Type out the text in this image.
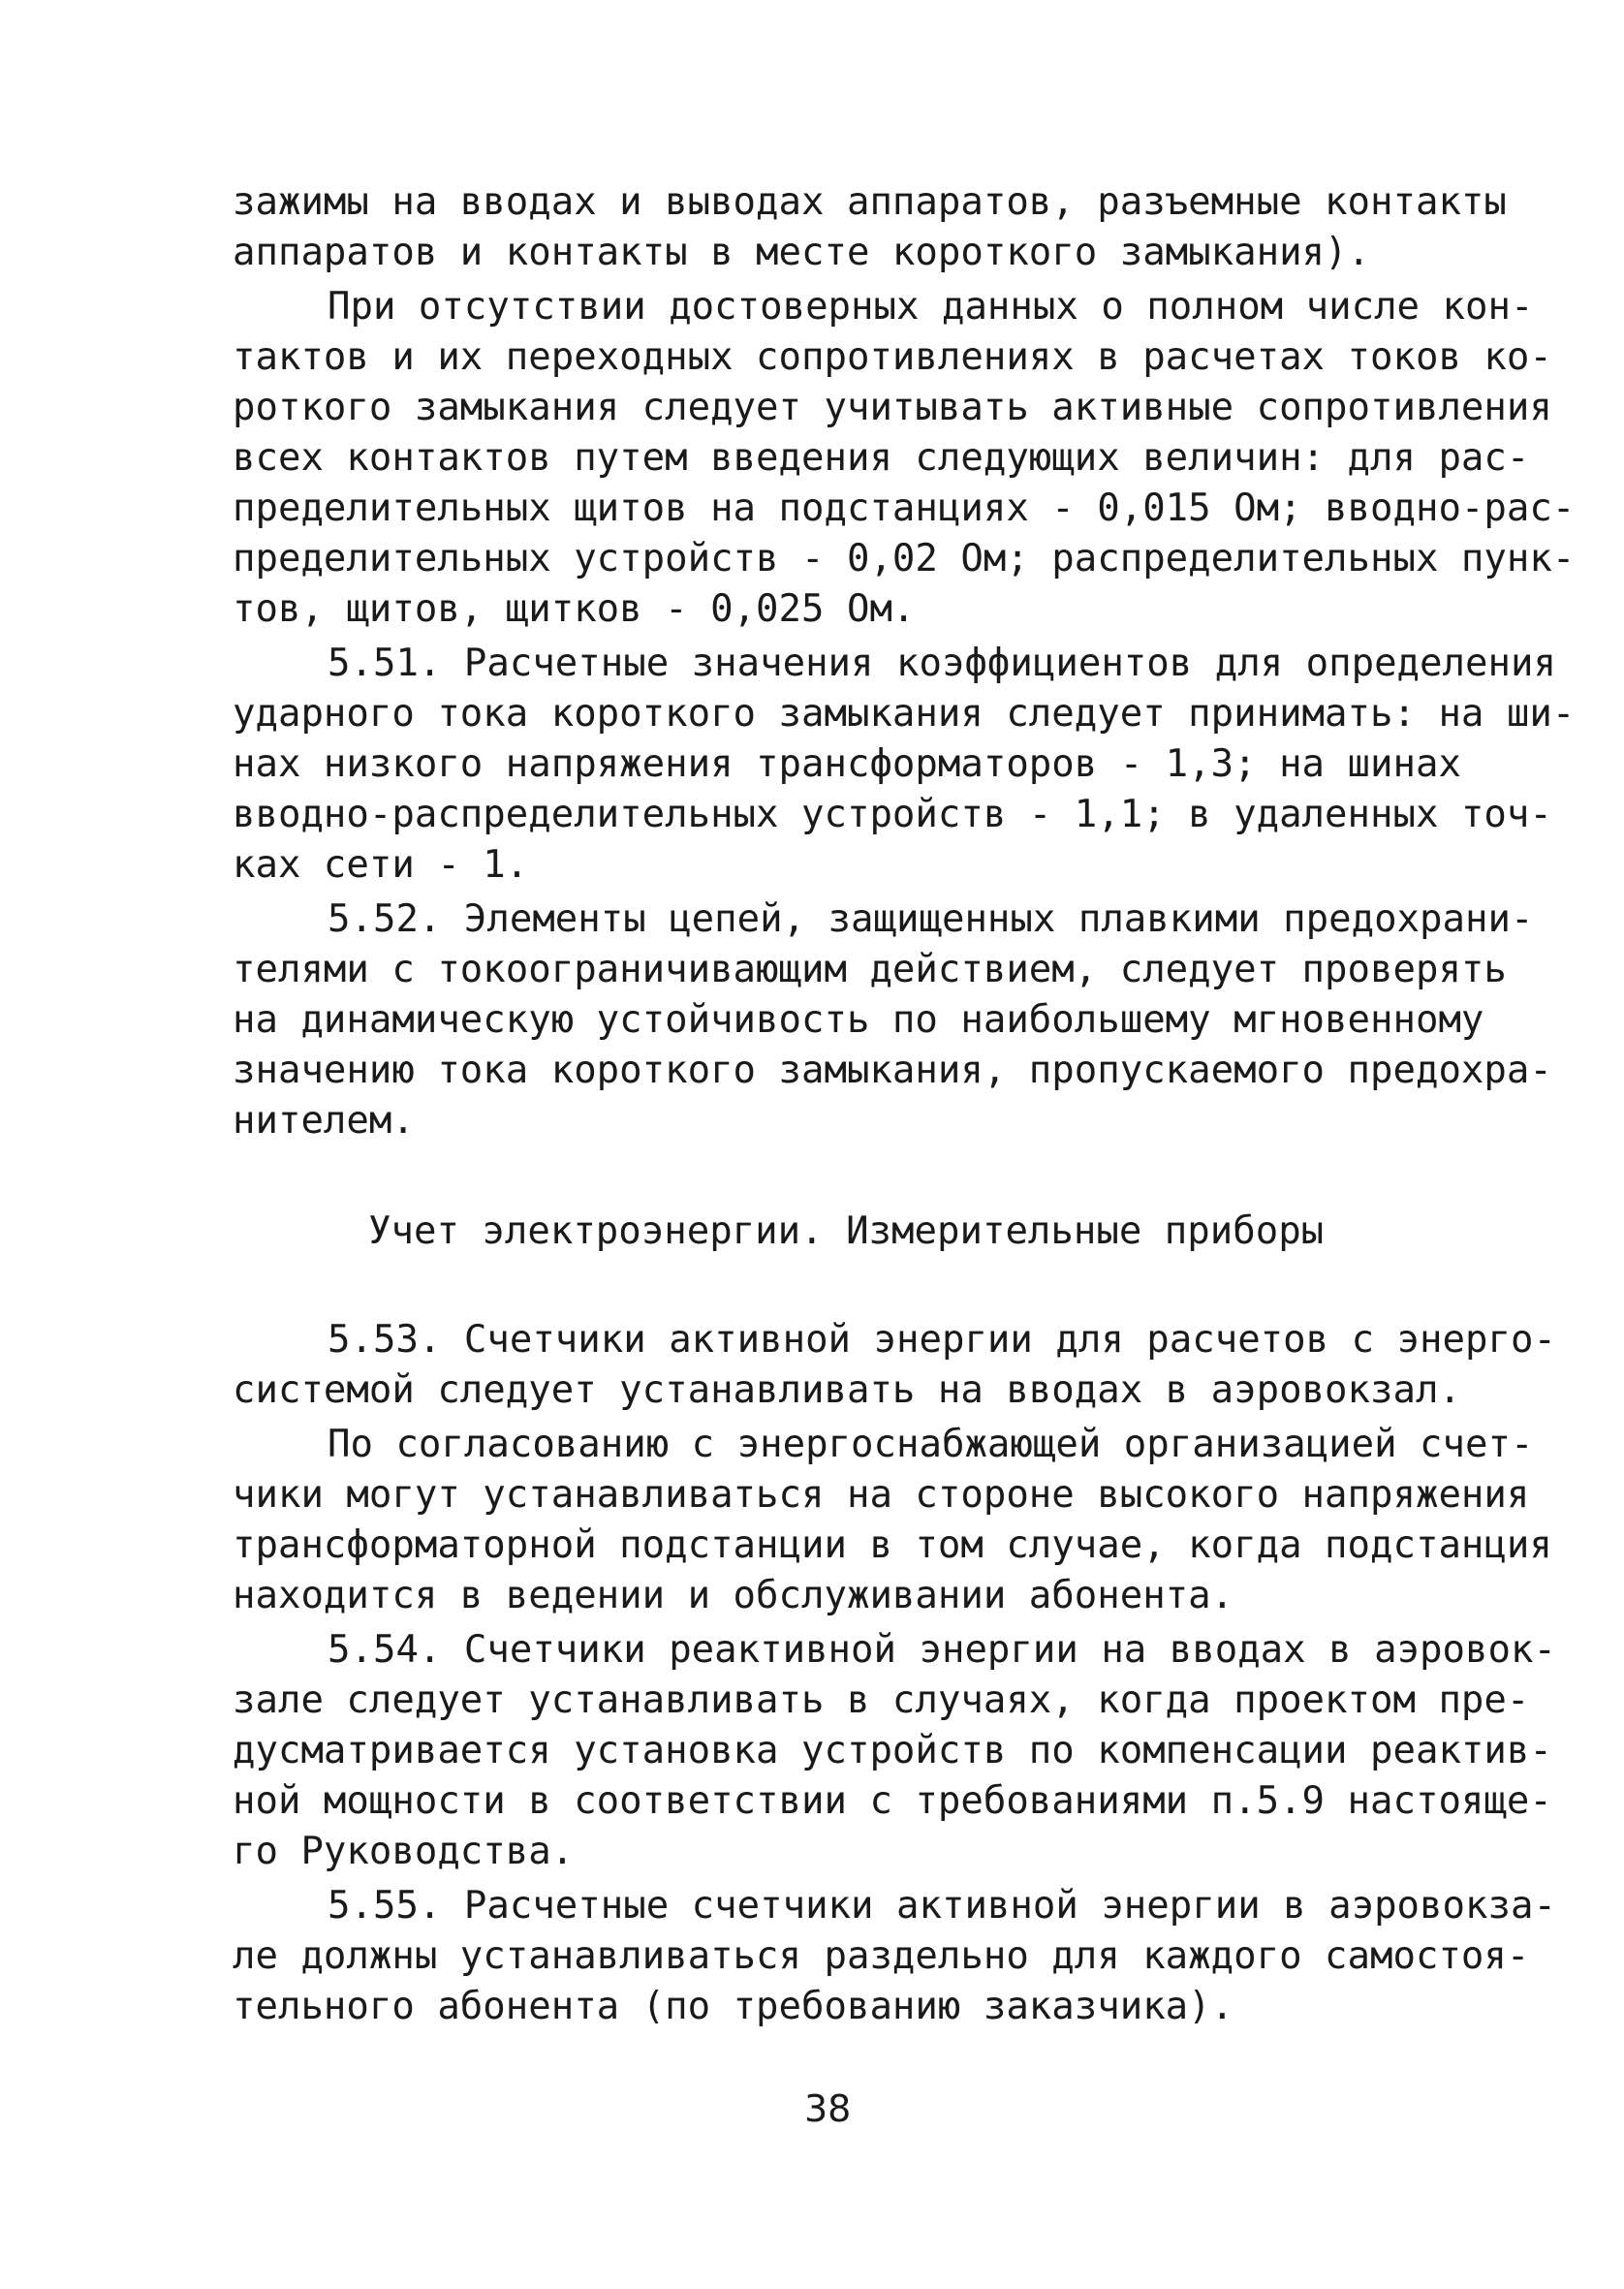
зажимы на вводах и выводах аппаратов, разъемные контакты
аппаратов и контакты в месте короткого замыкания).
При отсутствии достоверных данных о полном числе кон-
тактов и их переходных сопротивлениях в расчетах токов ко-
роткого замыкания следует учитывать активные сопротивления
всех контактов путем введения следующих величин: для рас-
пределительных щитов на подстанциях - 0,015 Ом; вводно-рас-
пределительных устройств - 0,02 Ом; распределительных пунк-
тов, щитов, щитков - 0,025 Ом.
5.51. Расчетные значения коэффициентов для определения
ударного тока короткого замыкания следует принимать: на ши-
нах низкого напряжения трансформаторов - 1,3; на шинах
вводно-распределительных устройств - 1,1; в удаленных точ-
ках сети - 1.
5.52. Элементы цепей, защищенных плавкими предохрани-
телями с токоограничивающим действием, следует проверять
на динамическую устойчивость по наибольшему мгновенному
значению тока короткого замыкания, пропускаемого предохра-
нителем.
Учет электроэнергии. Измерительные приборы
5.53. Счетчики активной энергии для расчетов с энерго-
системой следует устанавливать на вводах в аэровокзал.
По согласованию с энергоснабжающей организацией счет-
чики могут устанавливаться на стороне высокого напряжения
трансформаторной подстанции в том случае, когда подстанция
находится в ведении и обслуживании абонента.
5.54. Счетчики реактивной энергии на вводах в аэровок-
зале следует устанавливать в случаях, когда проектом пре-
дусматривается установка устройств по компенсации реактив-
ной мощности в соответствии с требованиями п.5.9 настояще-
го Руководства.
5.55. Расчетные счетчики активной энергии в аэровокза-
ле должны устанавливаться раздельно для каждого самостоя-
тельного абонента (по требованию заказчика).
38
